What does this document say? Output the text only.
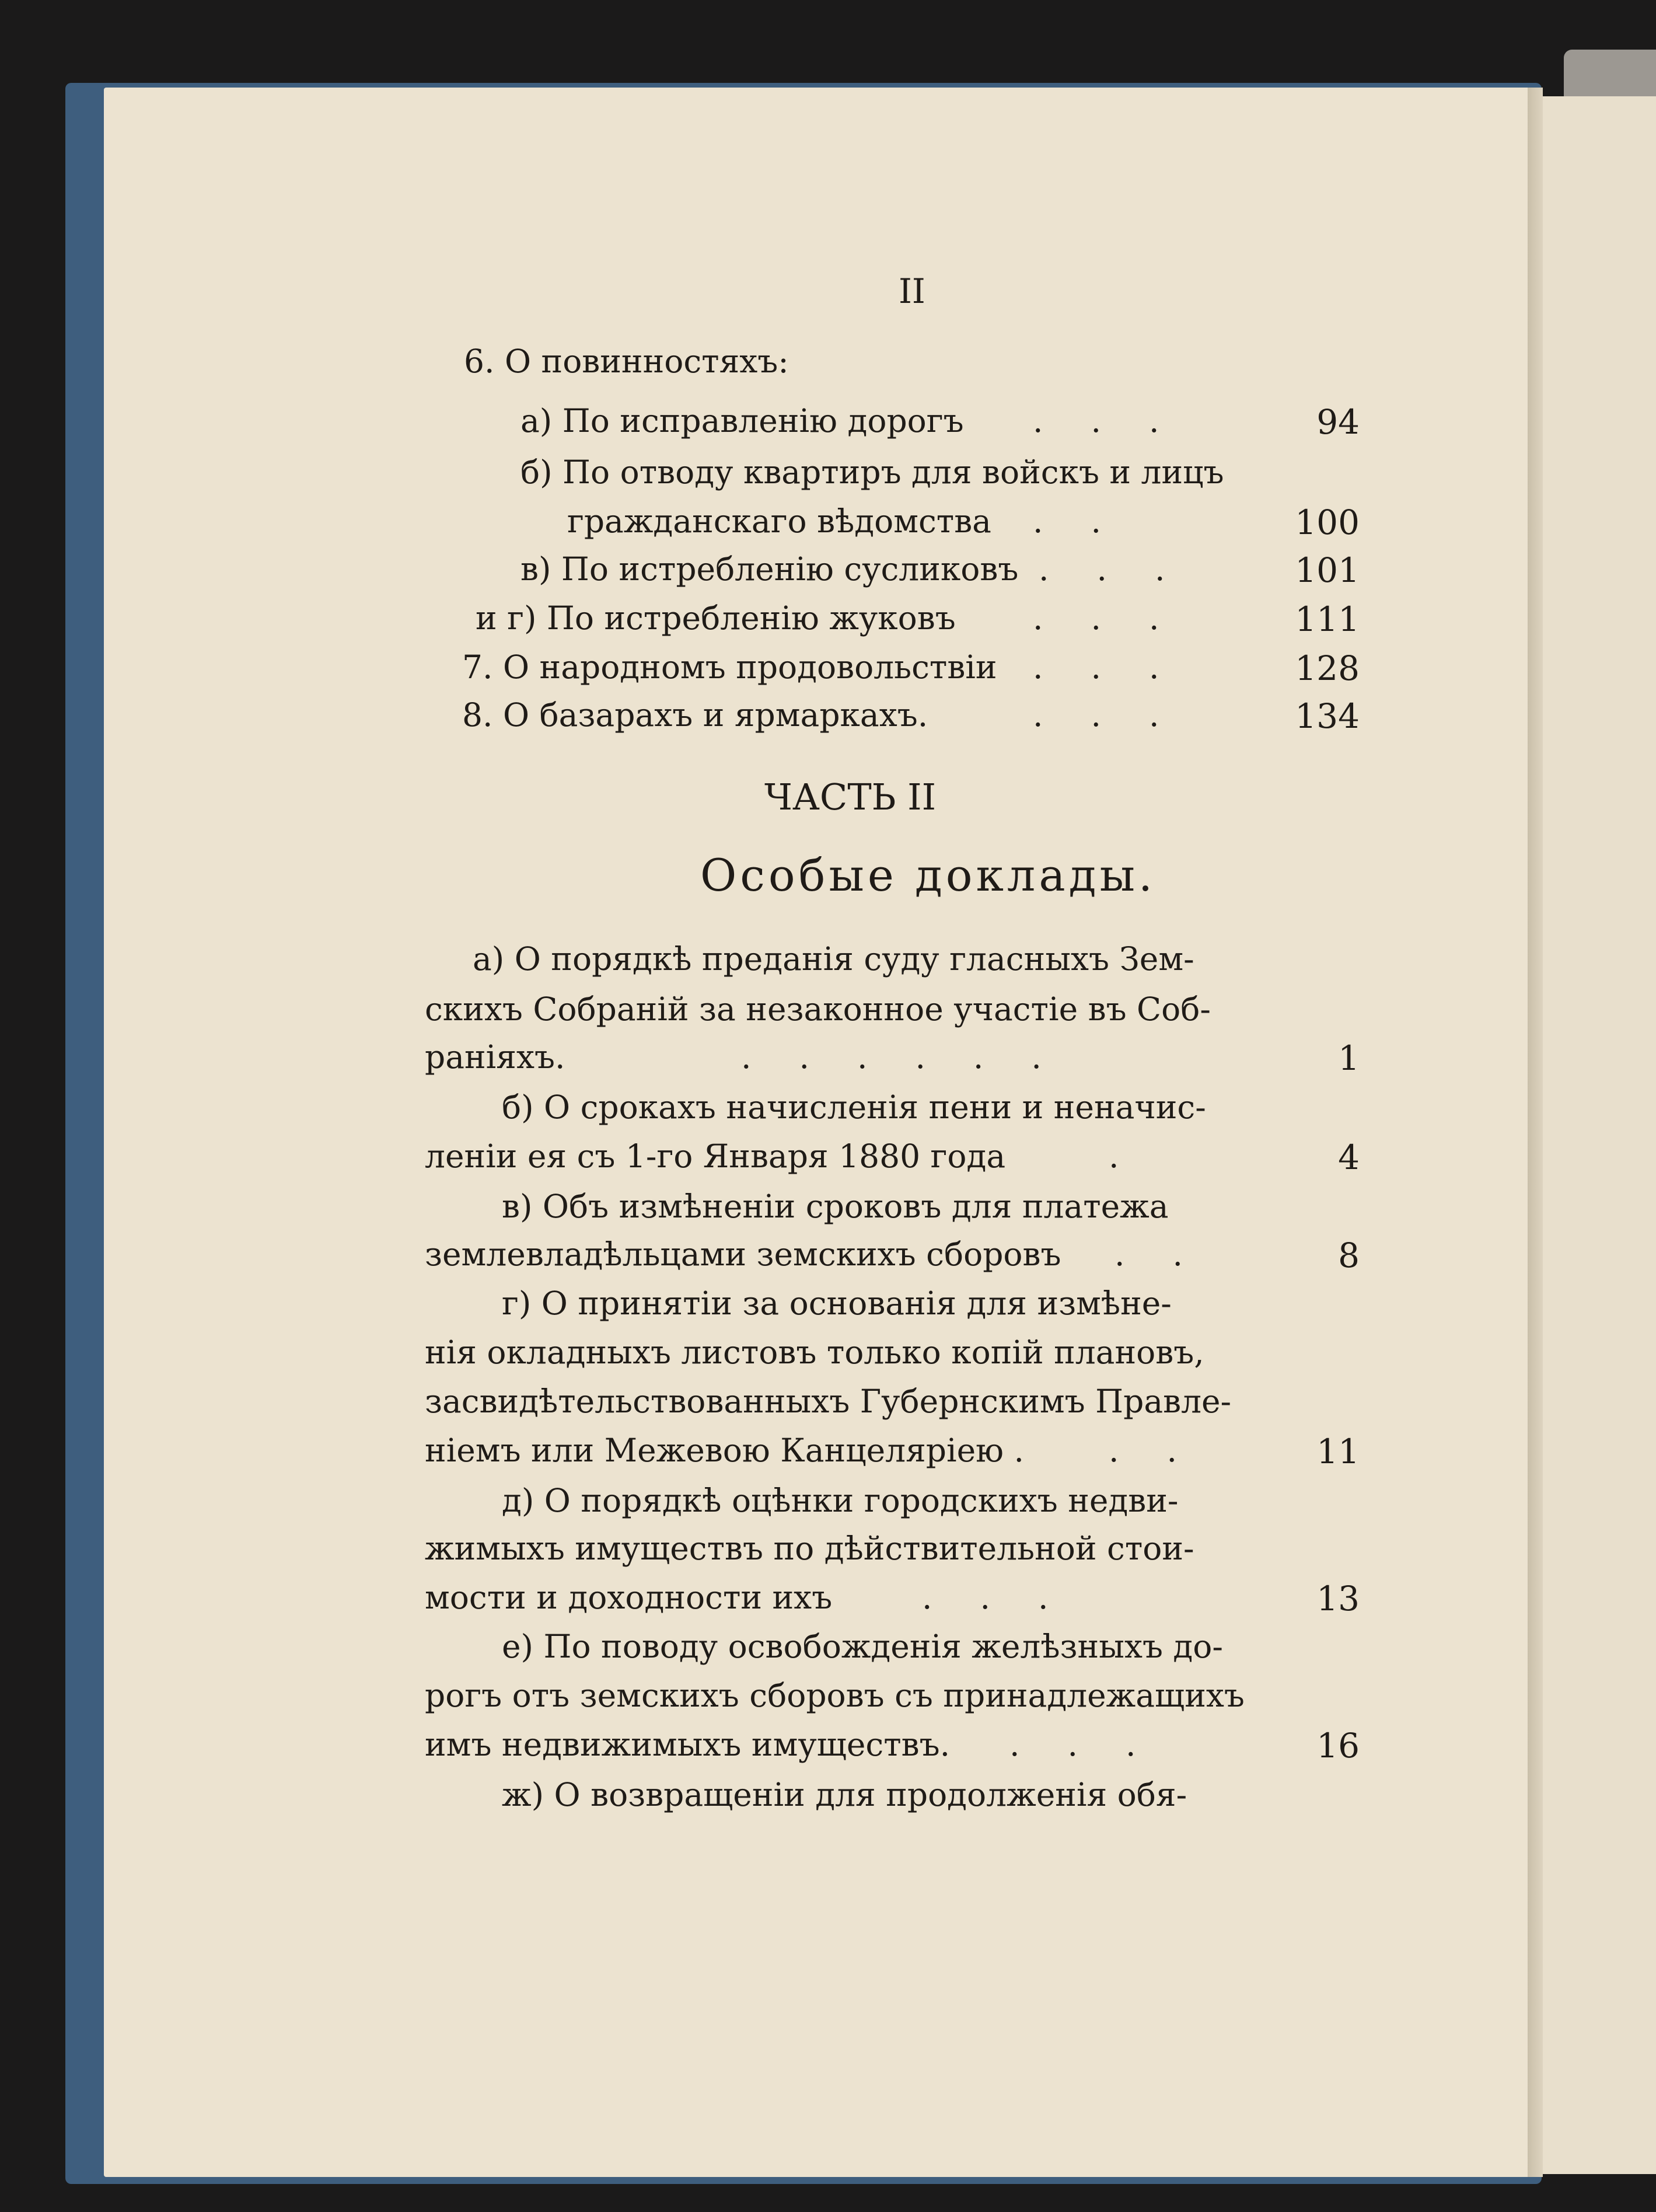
II
6. О повинностяхъ:
а) По исправленію дорогъ ...	94
б) По отводу квартиръ для войскъ и лицъ
гражданскаго вѣдомства ..	100
в) По истребленію сусликовъ ...	101
и г) По истребленію жуковъ ...	111
7. О народномъ продовольствіи ...	128
8. О базарахъ и ярмаркахъ.	...	134
ЧАСТЬ II
Особые доклады.
а) О порядкѣ преданія суду гласныхъ Зем-
скихъ Собраній за незаконное участіе въ Соб-
раніяхъ.	......	1
б) О срокахъ начисленія пени и неначис-
леніи ея съ 1-го Января 1880 года	.	4
в) Объ измѣненіи сроковъ для платежа
землевладѣльцами земскихъ сборовъ ..	8
г) О принятіи за основанія для измѣне-
нія окладныхъ листовъ только копій плановъ,
засвидѣтельствованныхъ Губернскимъ Правле-
ніемъ или Межевою Канцеляріею .	..	11
д) О порядкѣ оцѣнки городскихъ недви-
жимыхъ имуществъ по дѣйствительной стои-
мости и доходности ихъ	...	13
е) По поводу освобожденія желѣзныхъ до-
рогъ отъ земскихъ сборовъ съ принадлежащихъ
имъ недвижимыхъ имуществъ. ...	16
ж) О возвращеніи для продолженія обя-
